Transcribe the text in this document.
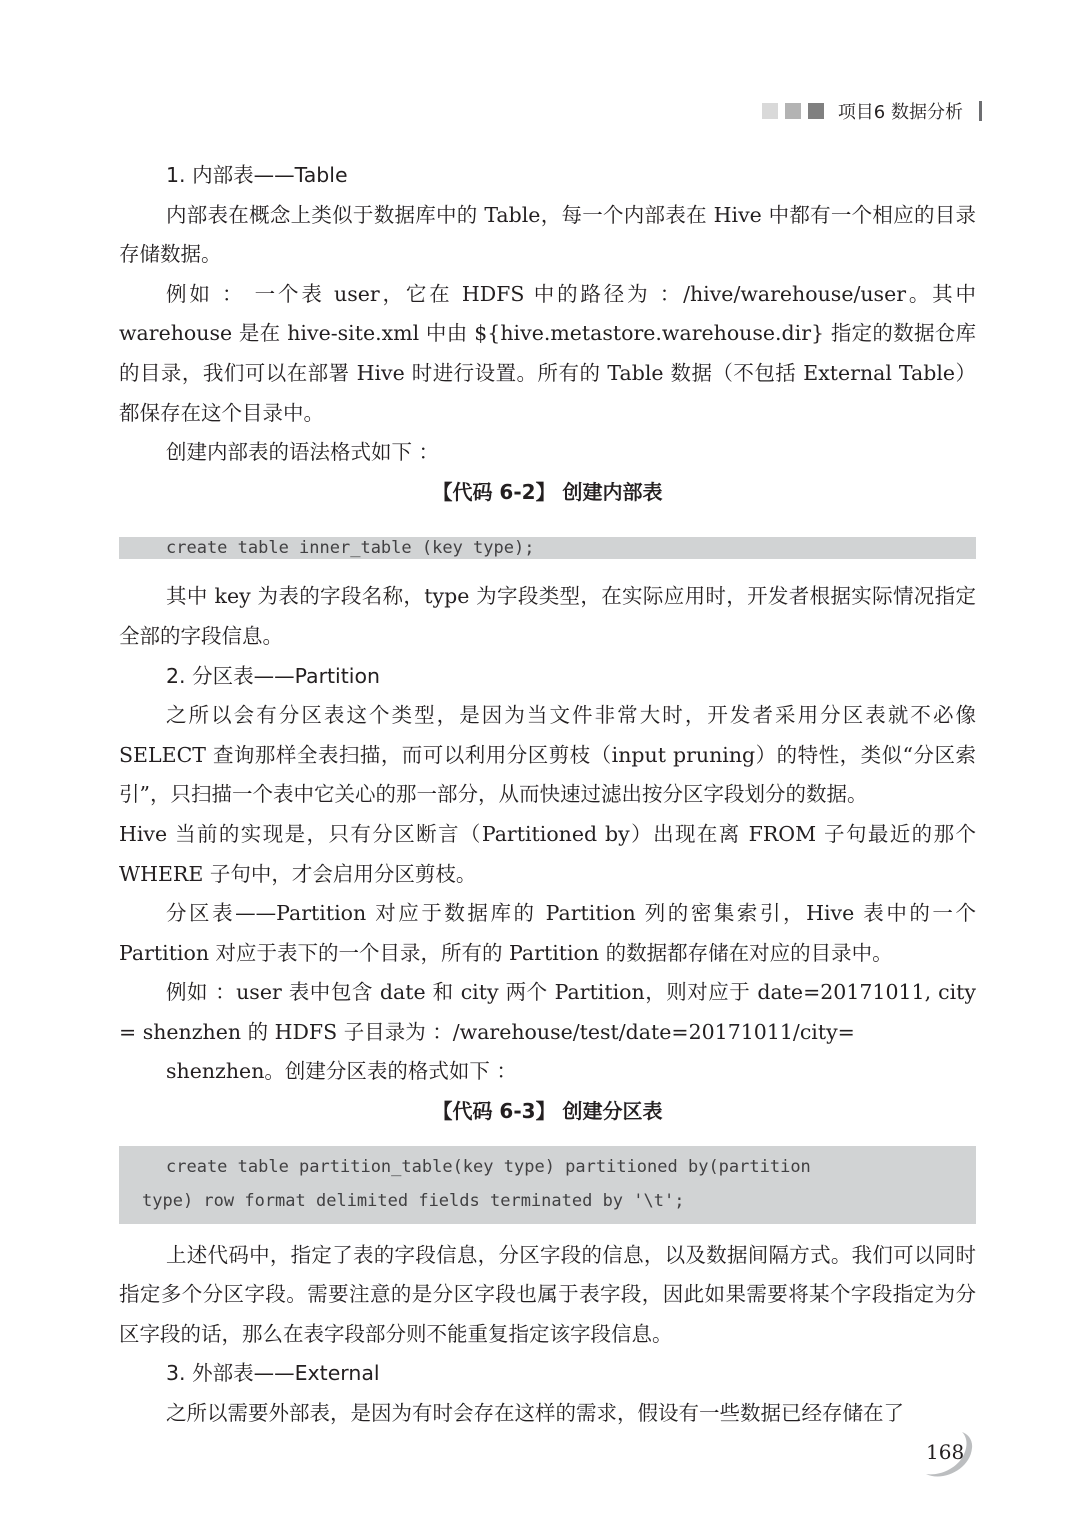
项目6 数据分析

1. 内部表——Table

内部表在概念上类似于数据库中的 Table，每一个内部表在 Hive 中都有一个相应的目录存储数据。

例如 ： 一个表 user，它在 HDFS 中的路径为 ：/hive/warehouse/user。其中 warehouse 是在 hive-site.xml 中由 ${hive.metastore.warehouse.dir} 指定的数据仓库的目录，我们可以在部署 Hive 时进行设置。所有的 Table 数据（不包括 External Table）都保存在这个目录中。

创建内部表的语法格式如下 ：

【代码 6-2】 创建内部表

create table inner_table (key type);

其中 key 为表的字段名称，type 为字段类型，在实际应用时，开发者根据实际情况指定全部的字段信息。

2. 分区表——Partition

之所以会有分区表这个类型，是因为当文件非常大时，开发者采用分区表就不必像 SELECT 查询那样全表扫描，而可以利用分区剪枝（input pruning）的特性，类似“分区索引”，只扫描一个表中它关心的那一部分，从而快速过滤出按分区字段划分的数据。

Hive 当前的实现是，只有分区断言（Partitioned by）出现在离 FROM 子句最近的那个 WHERE 子句中，才会启用分区剪枝。

分区表——Partition 对应于数据库的 Partition 列的密集索引，Hive 表中的一个 Partition 对应于表下的一个目录，所有的 Partition 的数据都存储在对应的目录中。

例如 ：user 表中包含 date 和 city 两个 Partition，则对应于 date=20171011, city = shenzhen 的 HDFS 子目录为 ：/warehouse/test/date=20171011/city=

shenzhen。创建分区表的格式如下 ：

【代码 6-3】 创建分区表

create table partition_table(key type) partitioned by(partition
type) row format delimited fields terminated by '\t';

上述代码中，指定了表的字段信息，分区字段的信息，以及数据间隔方式。我们可以同时指定多个分区字段。需要注意的是分区字段也属于表字段，因此如果需要将某个字段指定为分区字段的话，那么在表字段部分则不能重复指定该字段信息。

3. 外部表——External

之所以需要外部表，是因为有时会存在这样的需求，假设有一些数据已经存储在了

168
